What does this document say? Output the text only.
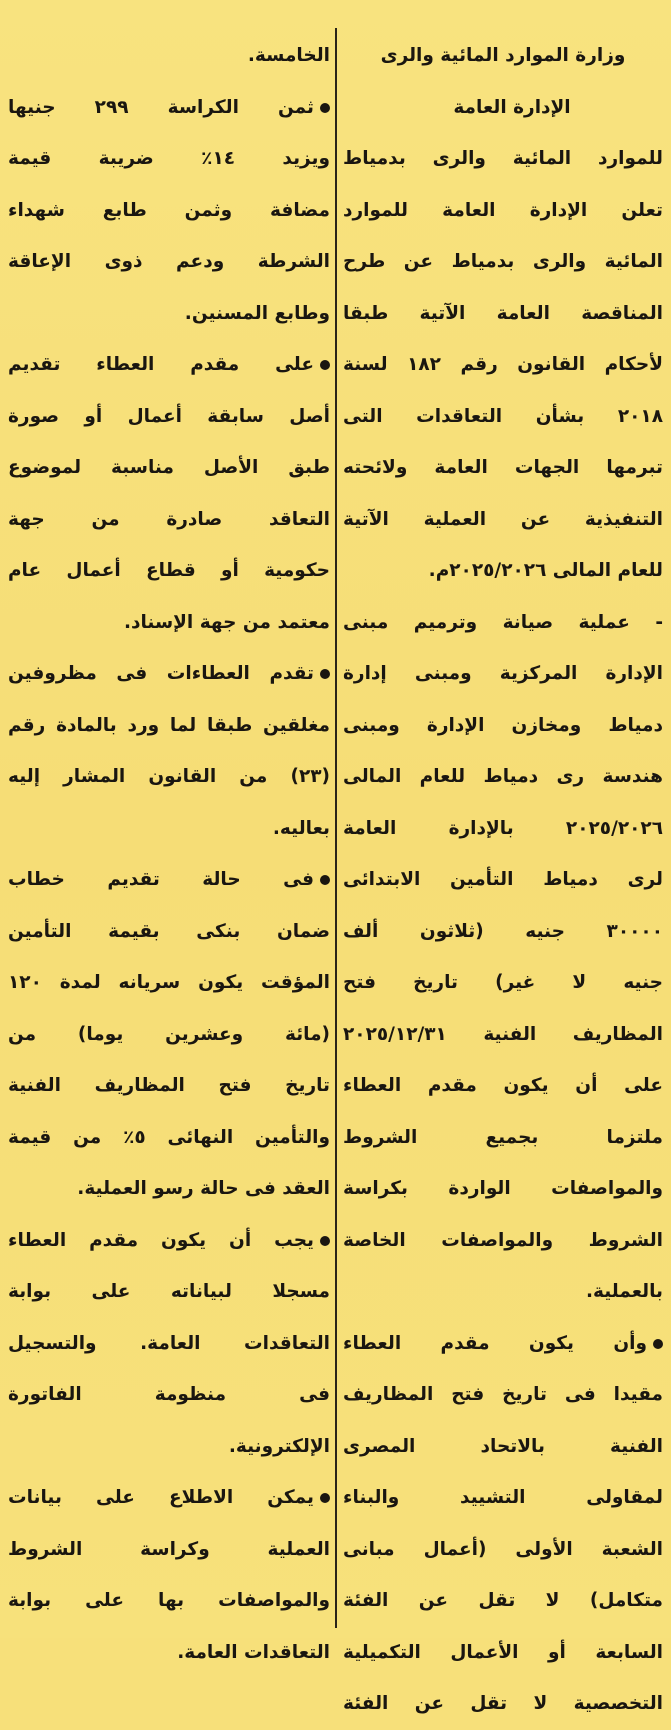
وزارة الموارد المائية والرى
الإدارة العامة
للموارد المائية والرى بدمياط
تعلن الإدارة العامة للموارد
المائية والرى بدمياط عن طرح
المناقصة العامة الآتية طبقا
لأحكام القانون رقم ١٨٢ لسنة
٢٠١٨ بشأن التعاقدات التى
تبرمها الجهات العامة ولائحته
التنفيذية عن العملية الآتية
للعام المالى ٢٠٢٥/٢٠٢٦م.
- عملية صيانة وترميم مبنى
الإدارة المركزية ومبنى إدارة
دمياط ومخازن الإدارة ومبنى
هندسة رى دمياط للعام المالى
٢٠٢٥/٢٠٢٦ بالإدارة العامة
لرى دمياط التأمين الابتدائى
٣٠٠٠٠ جنيه (ثلاثون ألف
جنيه لا غير) تاريخ فتح
المظاريف الفنية ٢٠٢٥/١٢/٣١
على أن يكون مقدم العطاء
ملتزما بجميع الشروط
والمواصفات الواردة بكراسة
الشروط والمواصفات الخاصة
بالعملية.
وأن يكون مقدم العطاء
مقيدا فى تاريخ فتح المظاريف
الفنية بالاتحاد المصرى
لمقاولى التشييد والبناء
الشعبة الأولى (أعمال مبانى
متكامل) لا تقل عن الفئة
السابعة أو الأعمال التكميلية
التخصصية لا تقل عن الفئة
الخامسة.
ثمن الكراسة ٢٩٩ جنيها
ويزيد ١٤٪ ضريبة قيمة
مضافة وثمن طابع شهداء
الشرطة ودعم ذوى الإعاقة
وطابع المسنين.
على مقدم العطاء تقديم
أصل سابقة أعمال أو صورة
طبق الأصل مناسبة لموضوع
التعاقد صادرة من جهة
حكومية أو قطاع أعمال عام
معتمد من جهة الإسناد.
تقدم العطاءات فى مظروفين
مغلقين طبقا لما ورد بالمادة رقم
(٢٣) من القانون المشار إليه
بعاليه.
فى حالة تقديم خطاب
ضمان بنكى بقيمة التأمين
المؤقت يكون سريانه لمدة ١٢٠
(مائة وعشرين يوما) من
تاريخ فتح المظاريف الفنية
والتأمين النهائى ٥٪ من قيمة
العقد فى حالة رسو العملية.
يجب أن يكون مقدم العطاء
مسجلا لبياناته على بوابة
التعاقدات العامة. والتسجيل
فى منظومة الفاتورة
الإلكترونية.
يمكن الاطلاع على بيانات
العملية وكراسة الشروط
والمواصفات بها على بوابة
التعاقدات العامة.
